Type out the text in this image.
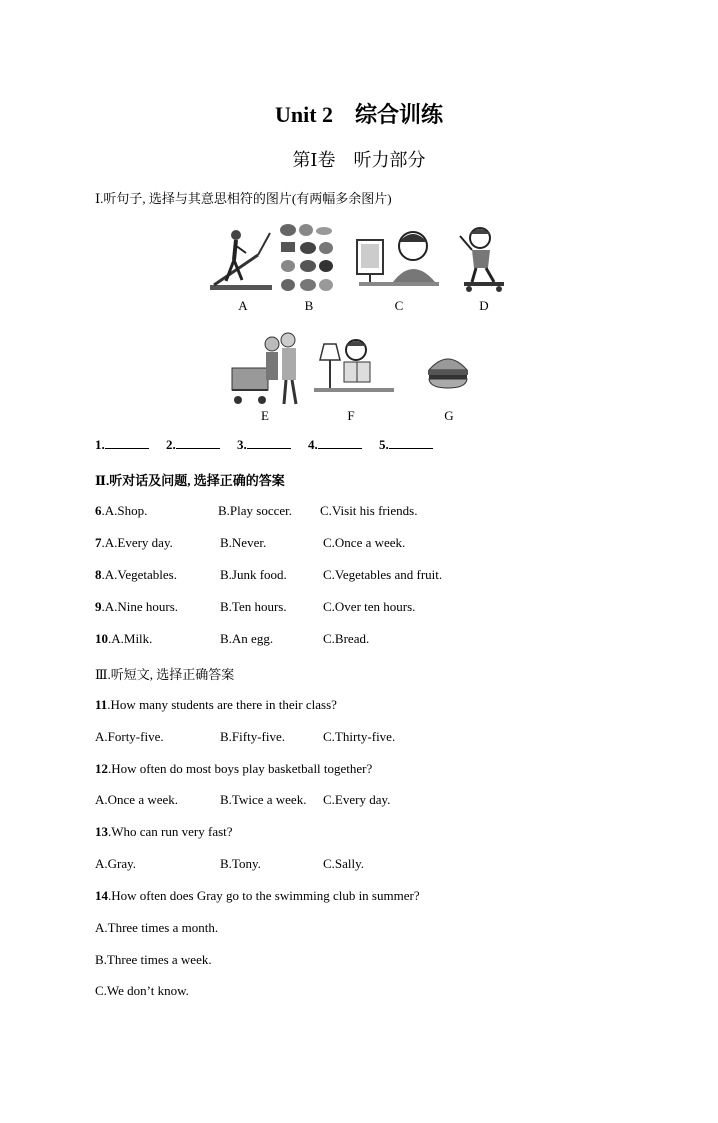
Unit 2　综合训练
第Ⅰ卷　听力部分
Ⅰ.听句子, 选择与其意思相符的图片(有两幅多余图片)
A	B	C	D
E	F	G
1.	2.	3.	4.	5.
Ⅱ.听对话及问题, 选择正确的答案
6.A.Shop.	B.Play soccer. C.Visit his friends.
7.A.Every day.	B.Never.	C.Once a week.
8.A.Vegetables.	B.Junk food.	C.Vegetables and fruit.
9.A.Nine hours.	B.Ten hours.	C.Over ten hours.
10.A.Milk.	B.An egg.	C.Bread.
Ⅲ.听短文, 选择正确答案
11.How many students are there in their class?
A.Forty-five.	B.Fifty-five.	C.Thirty-five.
12.How often do most boys play basketball together?
A.Once a week.	B.Twice a week. C.Every day.
13.Who can run very fast?
A.Gray.	B.Tony.	C.Sally.
14.How often does Gray go to the swimming club in summer?
A.Three times a month.
B.Three times a week.
C.We don’t know.
